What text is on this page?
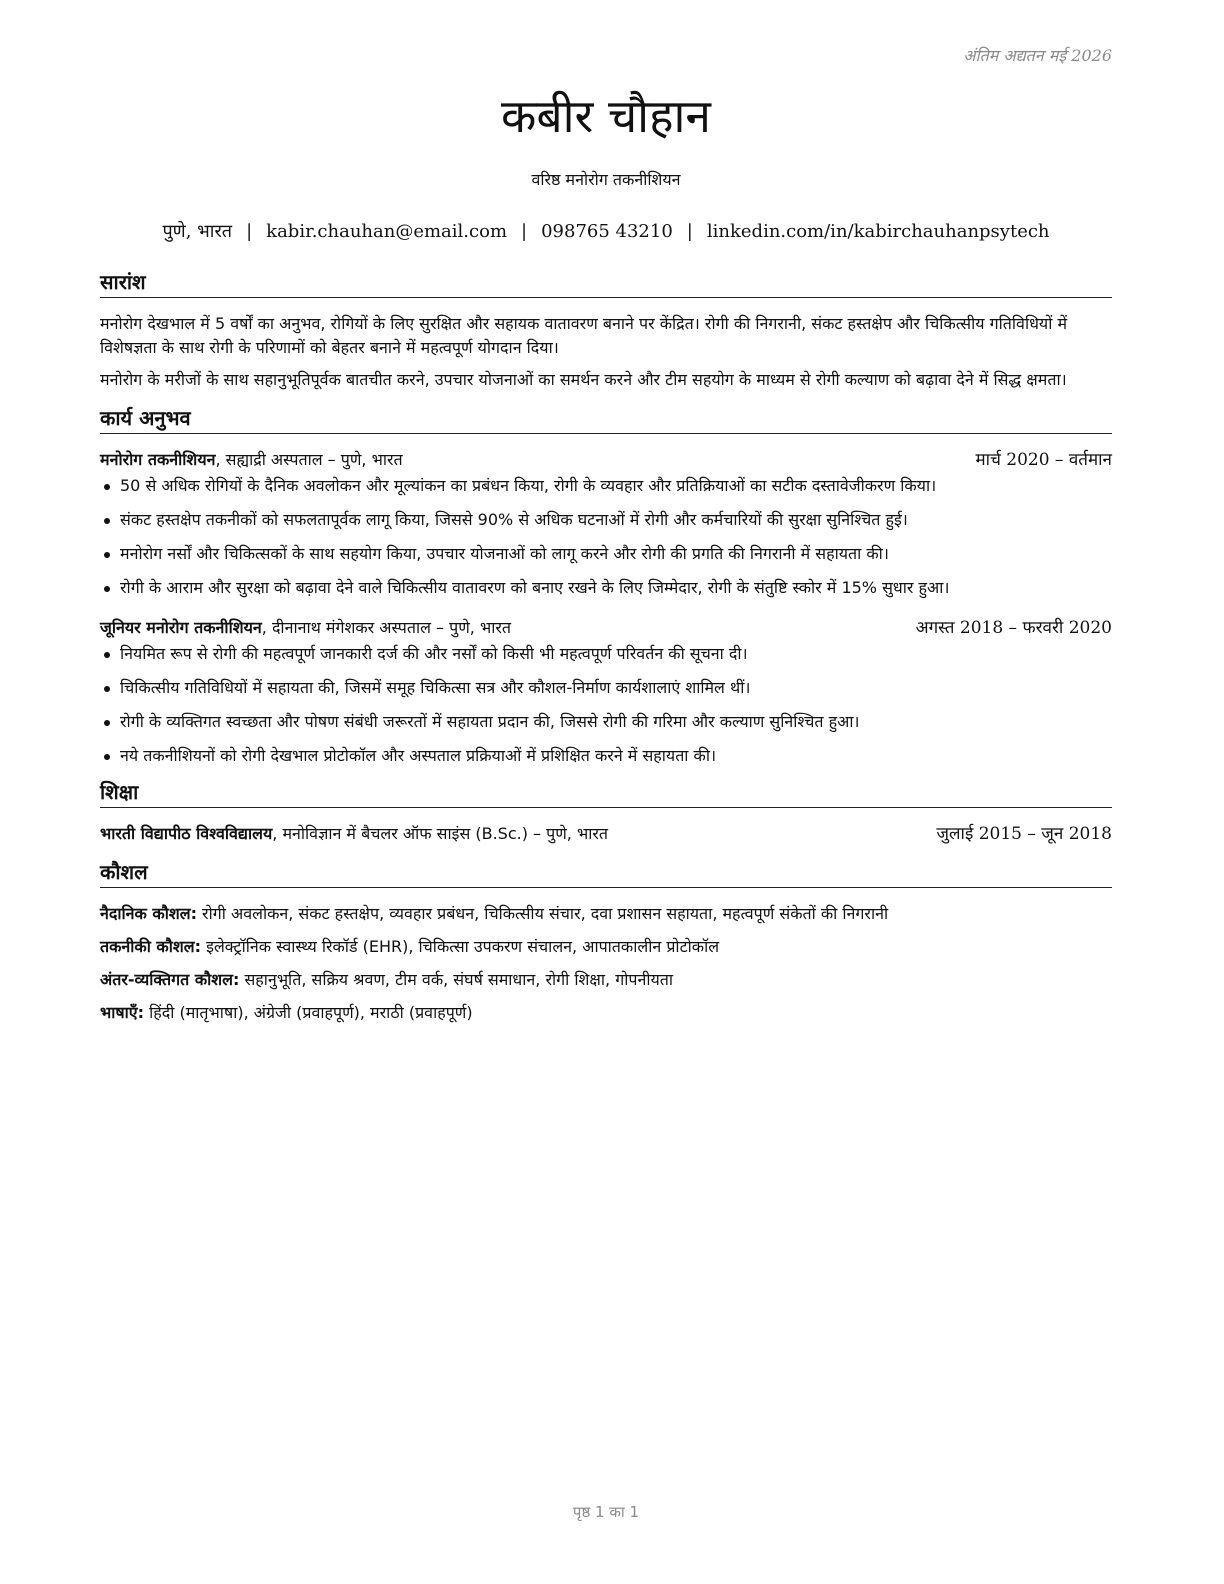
अंतिम अद्यतन मई 2026
कबीर चौहान
वरिष्ठ मनोरोग तकनीशियन
पुणे, भारत | kabir.chauhan@email.com | 098765 43210 | linkedin.com/in/kabirchauhanpsytech
सारांश

मनोरोग देखभाल में 5 वर्षों का अनुभव, रोगियों के लिए सुरक्षित और सहायक वातावरण बनाने पर केंद्रित। रोगी की निगरानी, संकट हस्तक्षेप और चिकित्सीय गतिविधियों में विशेषज्ञता के साथ रोगी के परिणामों को बेहतर बनाने में महत्वपूर्ण योगदान दिया।

मनोरोग के मरीजों के साथ सहानुभूतिपूर्वक बातचीत करने, उपचार योजनाओं का समर्थन करने और टीम सहयोग के माध्यम से रोगी कल्याण को बढ़ावा देने में सिद्ध क्षमता।

कार्य अनुभव
मनोरोग तकनीशियन, सह्याद्री अस्पताल – पुणे, भारत	मार्च 2020 – वर्तमान
50 से अधिक रोगियों के दैनिक अवलोकन और मूल्यांकन का प्रबंधन किया, रोगी के व्यवहार और प्रतिक्रियाओं का सटीक दस्तावेजीकरण किया।
संकट हस्तक्षेप तकनीकों को सफलतापूर्वक लागू किया, जिससे 90% से अधिक घटनाओं में रोगी और कर्मचारियों की सुरक्षा सुनिश्चित हुई।
मनोरोग नर्सों और चिकित्सकों के साथ सहयोग किया, उपचार योजनाओं को लागू करने और रोगी की प्रगति की निगरानी में सहायता की।
रोगी के आराम और सुरक्षा को बढ़ावा देने वाले चिकित्सीय वातावरण को बनाए रखने के लिए जिम्मेदार, रोगी के संतुष्टि स्कोर में 15% सुधार हुआ।
जूनियर मनोरोग तकनीशियन, दीनानाथ मंगेशकर अस्पताल – पुणे, भारत	अगस्त 2018 – फरवरी 2020
नियमित रूप से रोगी की महत्वपूर्ण जानकारी दर्ज की और नर्सों को किसी भी महत्वपूर्ण परिवर्तन की सूचना दी।
चिकित्सीय गतिविधियों में सहायता की, जिसमें समूह चिकित्सा सत्र और कौशल-निर्माण कार्यशालाएं शामिल थीं।
रोगी के व्यक्तिगत स्वच्छता और पोषण संबंधी जरूरतों में सहायता प्रदान की, जिससे रोगी की गरिमा और कल्याण सुनिश्चित हुआ।
नये तकनीशियनों को रोगी देखभाल प्रोटोकॉल और अस्पताल प्रक्रियाओं में प्रशिक्षित करने में सहायता की।
शिक्षा
भारती विद्यापीठ विश्वविद्यालय, मनोविज्ञान में बैचलर ऑफ साइंस (B.Sc.) – पुणे, भारत	जुलाई 2015 – जून 2018
कौशल
नैदानिक कौशल: रोगी अवलोकन, संकट हस्तक्षेप, व्यवहार प्रबंधन, चिकित्सीय संचार, दवा प्रशासन सहायता, महत्वपूर्ण संकेतों की निगरानी
तकनीकी कौशल: इलेक्ट्रॉनिक स्वास्थ्य रिकॉर्ड (EHR), चिकित्सा उपकरण संचालन, आपातकालीन प्रोटोकॉल
अंतर-व्यक्तिगत कौशल: सहानुभूति, सक्रिय श्रवण, टीम वर्क, संघर्ष समाधान, रोगी शिक्षा, गोपनीयता
भाषाएँ: हिंदी (मातृभाषा), अंग्रेजी (प्रवाहपूर्ण), मराठी (प्रवाहपूर्ण)
पृष्ठ 1 का 1
